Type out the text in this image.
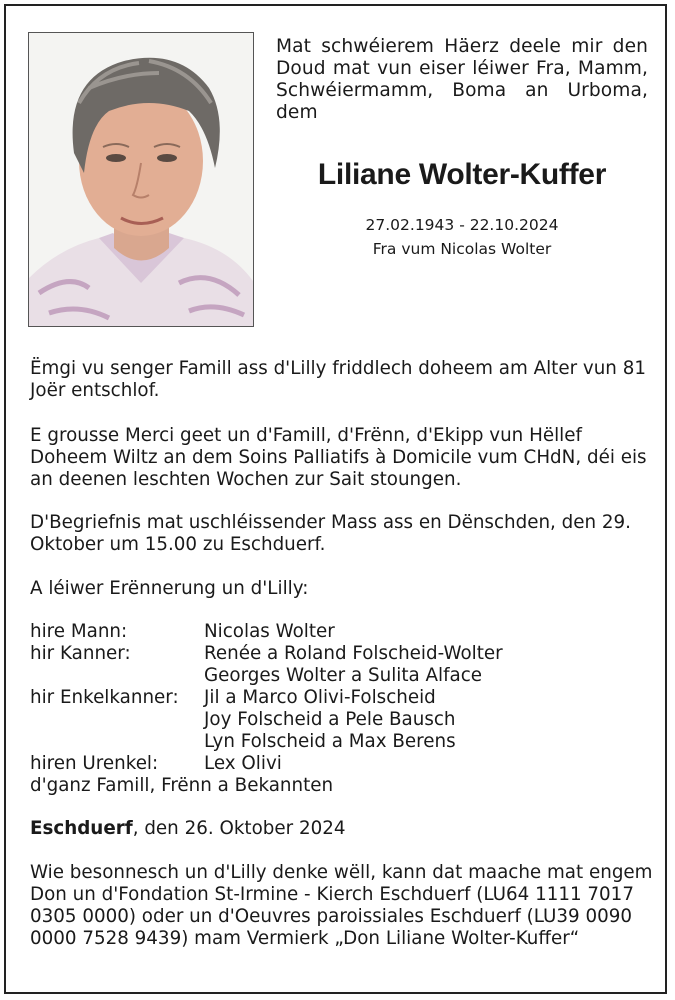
Mat schwéierem Häerz deele mir den Doud mat vun eiser léiwer Fra, Mamm, Schwéiermamm, Boma an Urboma, dem
Liliane Wolter-Kuffer
27.02.1943 - 22.10.2024
Fra vum Nicolas Wolter

Ëmgi vu senger Famill ass d'Lilly friddlech doheem am Alter vun 81 Joër entschlof.

E grousse Merci geet un d'Famill, d'Frënn, d'Ekipp vun Hëllef Doheem Wiltz an dem Soins Palliatifs à Domicile vum CHdN, déi eis an deenen leschten Wochen zur Sait stoungen.

D'Begriefnis mat uschléissender Mass ass en Dënschden, den 29. Oktober um 15.00 zu Eschduerf.

A léiwer Erënnerung un d'Lilly:

hire Mann:	Nicolas Wolter
hir Kanner:	Renée a Roland Folscheid-Wolter
Georges Wolter a Sulita Alface
hir Enkelkanner:	Jil a Marco Olivi-Folscheid
Joy Folscheid a Pele Bausch
Lyn Folscheid a Max Berens
hiren Urenkel:	Lex Olivi
d'ganz Famill, Frënn a Bekannten

Eschduerf, den 26. Oktober 2024

Wie besonnesch un d'Lilly denke wëll, kann dat maache mat engem Don un d'Fondation St-Irmine - Kierch Eschduerf (LU64 1111 7017 0305 0000) oder un d'Oeuvres paroissiales Eschduerf (LU39 0090 0000 7528 9439) mam Vermierk „Don Liliane Wolter-Kuffer“
